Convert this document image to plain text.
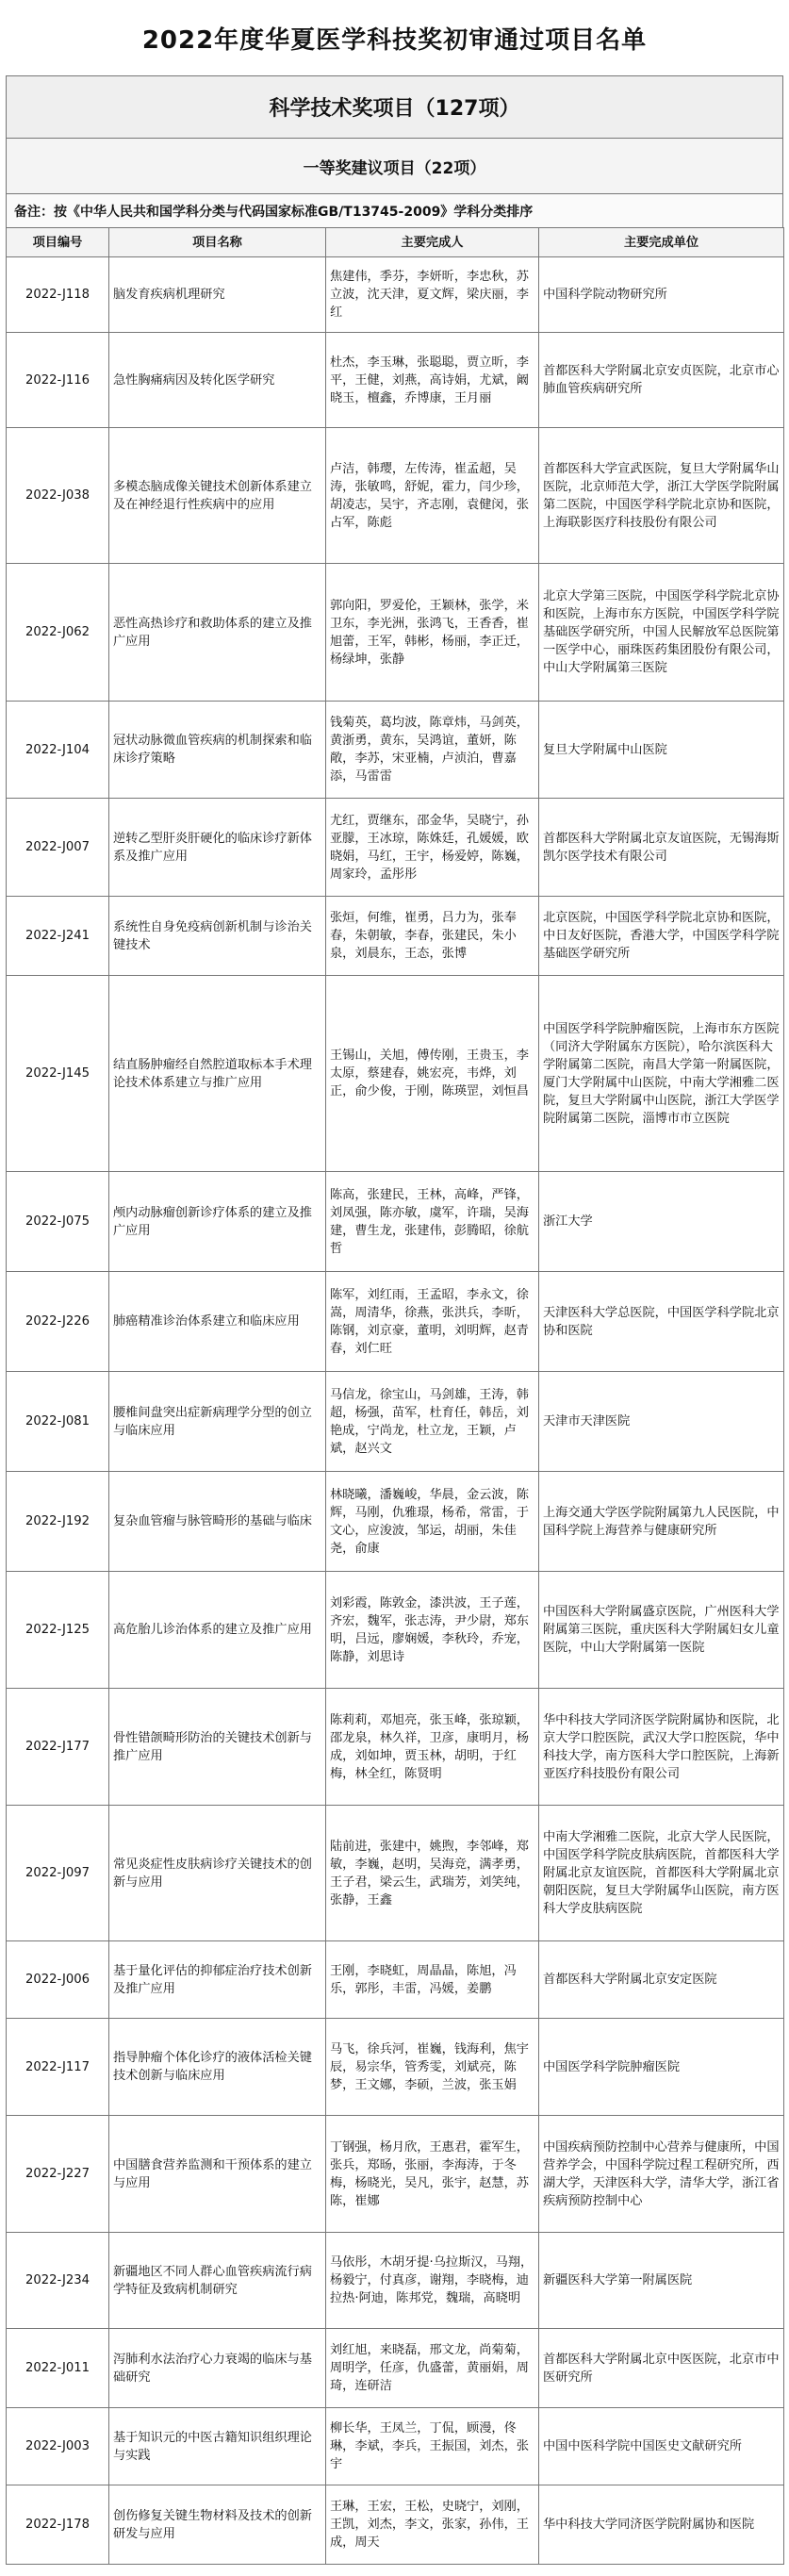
2022年度华夏医学科技奖初审通过项目名单
科学技术奖项目（127项）
一等奖建议项目（22项）
备注：按《中华人民共和国学科分类与代码国家标准GB/T13745-2009》学科分类排序
项目编号	项目名称	主要完成人	主要完成单位
2022-J118	脑发育疾病机理研究	焦建伟，季芬，李妍昕，李忠秋，苏立波，沈天津，夏文辉，梁庆丽，李红	中国科学院动物研究所
2022-J116	急性胸痛病因及转化医学研究	杜杰，李玉琳，张聪聪，贾立昕，李平，王健，刘燕，高诗娟，尤斌，阚晓玉，檀鑫，乔博康，王月丽	首都医科大学附属北京安贞医院，北京市心肺血管疾病研究所
2022-J038	多模态脑成像关键技术创新体系建立及在神经退行性疾病中的应用	卢洁，韩璎，左传涛，崔孟超，吴涛，张敏鸣，舒妮，霍力，闫少珍，胡凌志，吴宇，齐志刚，袁健闵，张占军，陈彪	首都医科大学宣武医院，复旦大学附属华山医院，北京师范大学，浙江大学医学院附属第二医院，中国医学科学院北京协和医院，上海联影医疗科技股份有限公司
2022-J062	恶性高热诊疗和救助体系的建立及推广应用	郭向阳，罗爱伦，王颖林，张学，米卫东，李光洲，张鸿飞，王香香，崔旭蕾，王军，韩彬，杨丽，李正迁，杨绿坤，张静	北京大学第三医院，中国医学科学院北京协和医院，上海市东方医院，中国医学科学院基础医学研究所，中国人民解放军总医院第一医学中心，丽珠医药集团股份有限公司，中山大学附属第三医院
2022-J104	冠状动脉微血管疾病的机制探索和临床诊疗策略	钱菊英，葛均波，陈章炜，马剑英，黄浙勇，黄东，吴鸿谊，董妍，陈敞，李苏，宋亚楠，卢浈泊，曹嘉添，马雷雷	复旦大学附属中山医院
2022-J007	逆转乙型肝炎肝硬化的临床诊疗新体系及推广应用	尤红，贾继东，邵金华，吴晓宁，孙亚朦，王冰琼，陈姝廷，孔媛媛，欧晓娟，马红，王宇，杨爱婷，陈巍，周家玲，孟彤彤	首都医科大学附属北京友谊医院，无锡海斯凯尔医学技术有限公司
2022-J241	系统性自身免疫病创新机制与诊治关键技术	张烜，何维，崔勇，吕力为，张奉春，朱朝敏，李春，张建民，朱小泉，刘晨东，王态，张博	北京医院，中国医学科学院北京协和医院，中日友好医院，香港大学，中国医学科学院基础医学研究所
2022-J145	结直肠肿瘤经自然腔道取标本手术理论技术体系建立与推广应用	王锡山，关旭，傅传刚，王贵玉，李太原，蔡建春，姚宏亮，韦烨，刘正，俞少俊，于刚，陈瑛罡，刘恒昌	中国医学科学院肿瘤医院，上海市东方医院（同济大学附属东方医院），哈尔滨医科大学附属第二医院，南昌大学第一附属医院，厦门大学附属中山医院，中南大学湘雅二医院，复旦大学附属中山医院，浙江大学医学院附属第二医院，淄博市市立医院
2022-J075	颅内动脉瘤创新诊疗体系的建立及推广应用	陈高，张建民，王林，高峰，严锋，刘凤强，陈亦敏，虞军，许瑞，吴海建，曹生龙，张建伟，彭腾昭，徐航哲	浙江大学
2022-J226	肺癌精准诊治体系建立和临床应用	陈军，刘红雨，王孟昭，李永文，徐嵩，周清华，徐燕，张洪兵，李昕，陈钢，刘京豪，董明，刘明辉，赵青春，刘仁旺	天津医科大学总医院，中国医学科学院北京协和医院
2022-J081	腰椎间盘突出症新病理学分型的创立与临床应用	马信龙，徐宝山，马剑雄，王涛，韩超，杨强，苗军，杜育任，韩岳，刘艳成，宁尚龙，杜立龙，王颖，卢斌，赵兴文	天津市天津医院
2022-J192	复杂血管瘤与脉管畸形的基础与临床	林晓曦，潘巍峻，华晨，金云波，陈辉，马刚，仇雅璟，杨希，常雷，于文心，应浚波，邹运，胡丽，朱佳尧，俞康	上海交通大学医学院附属第九人民医院，中国科学院上海营养与健康研究所
2022-J125	高危胎儿诊治体系的建立及推广应用	刘彩霞，陈敦金，漆洪波，王子莲，齐宏，魏军，张志涛，尹少尉，郑东明，吕远，廖娴媛，李秋玲，乔宠，陈静，刘思诗	中国医科大学附属盛京医院，广州医科大学附属第三医院，重庆医科大学附属妇女儿童医院，中山大学附属第一医院
2022-J177	骨性错颌畸形防治的关键技术创新与推广应用	陈莉莉，邓旭亮，张玉峰，张琼颖，邵龙泉，林久祥，卫彦，康明月，杨成，刘如坤，贾玉林，胡明，于红梅，林全红，陈贤明	华中科技大学同济医学院附属协和医院，北京大学口腔医院，武汉大学口腔医院，华中科技大学，南方医科大学口腔医院，上海新亚医疗科技股份有限公司
2022-J097	常见炎症性皮肤病诊疗关键技术的创新与应用	陆前进，张建中，姚煦，李邻峰，郑敏，李巍，赵明，吴海竞，满孝勇，王子君，梁云生，武瑞芳，刘笑纯，张静，王鑫	中南大学湘雅二医院，北京大学人民医院，中国医学科学院皮肤病医院，首都医科大学附属北京友谊医院，首都医科大学附属北京朝阳医院，复旦大学附属华山医院，南方医科大学皮肤病医院
2022-J006	基于量化评估的抑郁症治疗技术创新及推广应用	王刚，李晓虹，周晶晶，陈旭，冯乐，郭彤，丰雷，冯媛，姜鹏	首都医科大学附属北京安定医院
2022-J117	指导肿瘤个体化诊疗的液体活检关键技术创新与临床应用	马飞，徐兵河，崔巍，钱海利，焦宇辰，易宗华，管秀雯，刘斌亮，陈梦，王文娜，李硕，兰波，张玉娟	中国医学科学院肿瘤医院
2022-J227	中国膳食营养监测和干预体系的建立与应用	丁钢强，杨月欣，王惠君，霍军生，张兵，郑旸，张丽，李海涛，于冬梅，杨晓光，吴凡，张宇，赵慧，苏陈，崔娜	中国疾病预防控制中心营养与健康所，中国营养学会，中国科学院过程工程研究所，西湖大学，天津医科大学，清华大学，浙江省疾病预防控制中心
2022-J234	新疆地区不同人群心血管疾病流行病学特征及致病机制研究	马依彤，木胡牙提·乌拉斯汉，马翔，杨毅宁，付真彦，谢翔，李晓梅，迪拉热·阿迪，陈邦党，魏瑞，高晓明	新疆医科大学第一附属医院
2022-J011	泻肺利水法治疗心力衰竭的临床与基础研究	刘红旭，来晓磊，邢文龙，尚菊菊，周明学，任彦，仇盛蕾，黄丽娟，周琦，连研洁	首都医科大学附属北京中医医院，北京市中医研究所
2022-J003	基于知识元的中医古籍知识组织理论与实践	柳长华，王凤兰，丁侃，顾漫，佟琳，李斌，李兵，王振国，刘杰，张宇	中国中医科学院中国医史文献研究所
2022-J178	创伤修复关键生物材料及技术的创新研发与应用	王琳，王宏，王松，史晓宁，刘刚，王凯，刘杰，李文，张家，孙伟，王成，周天	华中科技大学同济医学院附属协和医院
